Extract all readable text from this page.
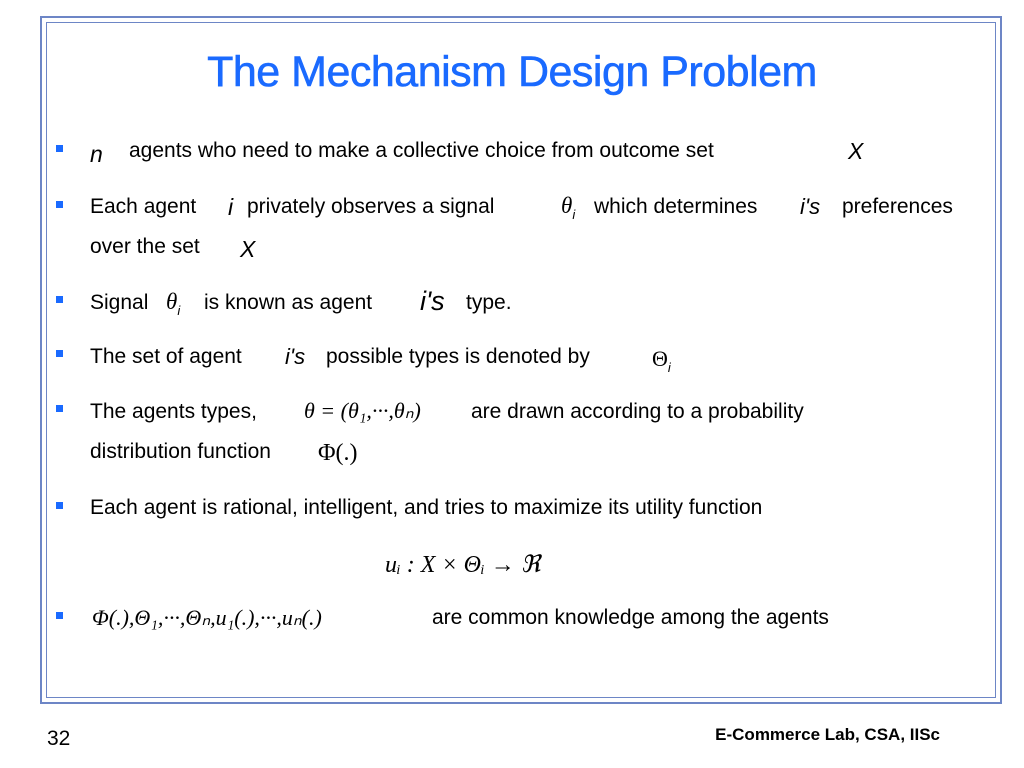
The Mechanism Design Problem
n agents who need to make a collective choice from outcome set	X
Each agent i privately observes a signal	$\theta_i$ which determines i's preferences
over the set X
Signal $\theta_i$ is known as agent i's type.
The set of agent i's possible types is denoted by	$\Theta_i$
The agents types, θ = (θ₁,···,θₙ) are drawn according to a probability
distribution function Φ(.)
Each agent is rational, intelligent, and tries to maximize its utility function
uᵢ : X × Θᵢ → ℜ
Φ(.),Θ₁,···,Θₙ,u₁(.),···,uₙ(.)	are common knowledge among the agents
32	E-Commerce Lab, CSA, IISc
